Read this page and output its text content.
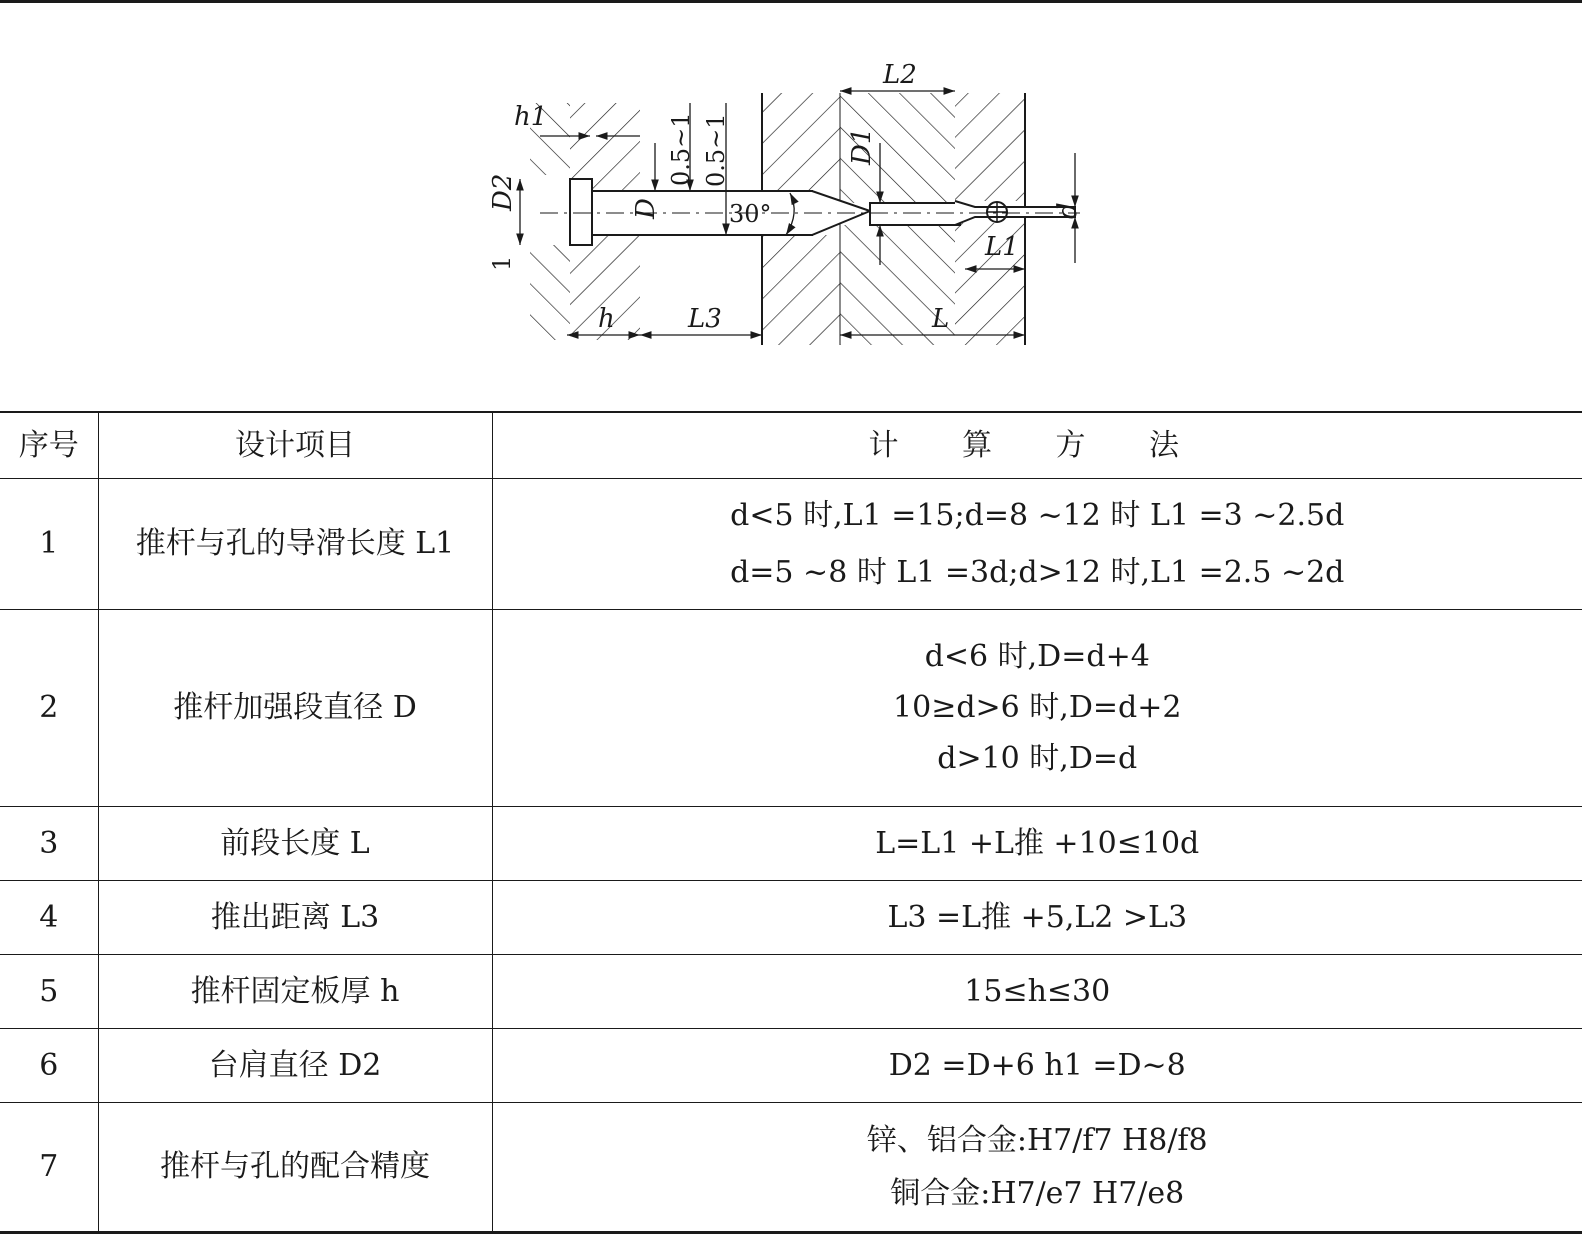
h1
D2
1
D
0.5~1 0.5~1
30°
D1
L2
d
L1
h	L3	L
序号	设计项目	计 算 方 法
1	推杆与孔的导滑长度 L1	d<5 时,L1 =15;d=8 ~12 时 L1 =3 ~2.5d
d=5 ~8 时 L1 =3d;d>12 时,L1 =2.5 ~2d

2	推杆加强段直径 D	d<6 时,D=d+4
10≥d>6 时,D=d+2
d>10 时,D=d

3	前段长度 L	L=L1 +L推 +10≤10d

4	推出距离 L3	L3 =L推 +5,L2 >L3

5	推杆固定板厚 h	15≤h≤30

6	台肩直径 D2	D2 =D+6 h1 =D~8

7	推杆与孔的配合精度	锌、铝合金:H7/f7 H8/f8
铜合金:H7/e7 H7/e8
